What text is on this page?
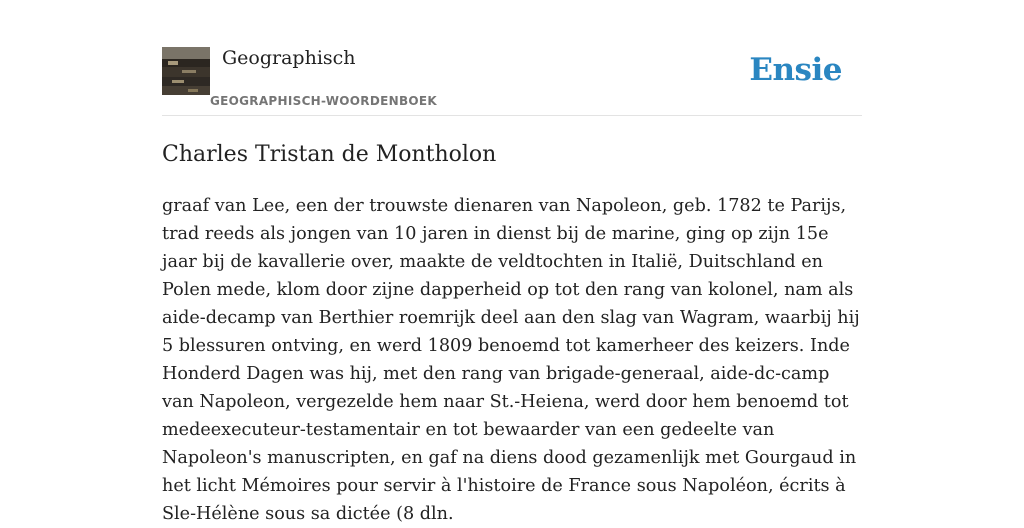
Geographisch
GEOGRAPHISCH-WOORDENBOEK
Ensie
Charles Tristan de Montholon

graaf van Lee, een der trouwste dienaren van Napoleon, geb. 1782 te Parijs, trad reeds als jongen van 10 jaren in dienst bij de marine, ging op zijn 15e jaar bij de kavallerie over, maakte de veldtochten in Italië, Duitschland en Polen mede, klom door zijne dapperheid op tot den rang van kolonel, nam als aide-decamp van Berthier roemrijk deel aan den slag van Wagram, waarbij hij 5 blessuren ontving, en werd 1809 benoemd tot kamerheer des keizers. Inde Honderd Dagen was hij, met den rang van brigade-generaal, aide-dc-camp van Napoleon, vergezelde hem naar St.-Heiena, werd door hem benoemd tot medeexecuteur-testamentair en tot bewaarder van een gedeelte van Napoleon's manuscripten, en gaf na diens dood gezamenlijk met Gourgaud in het licht Mémoires pour servir à l'histoire de France sous Napoléon, écrits à Sle-Hélène sous sa dictée (8 dln.
